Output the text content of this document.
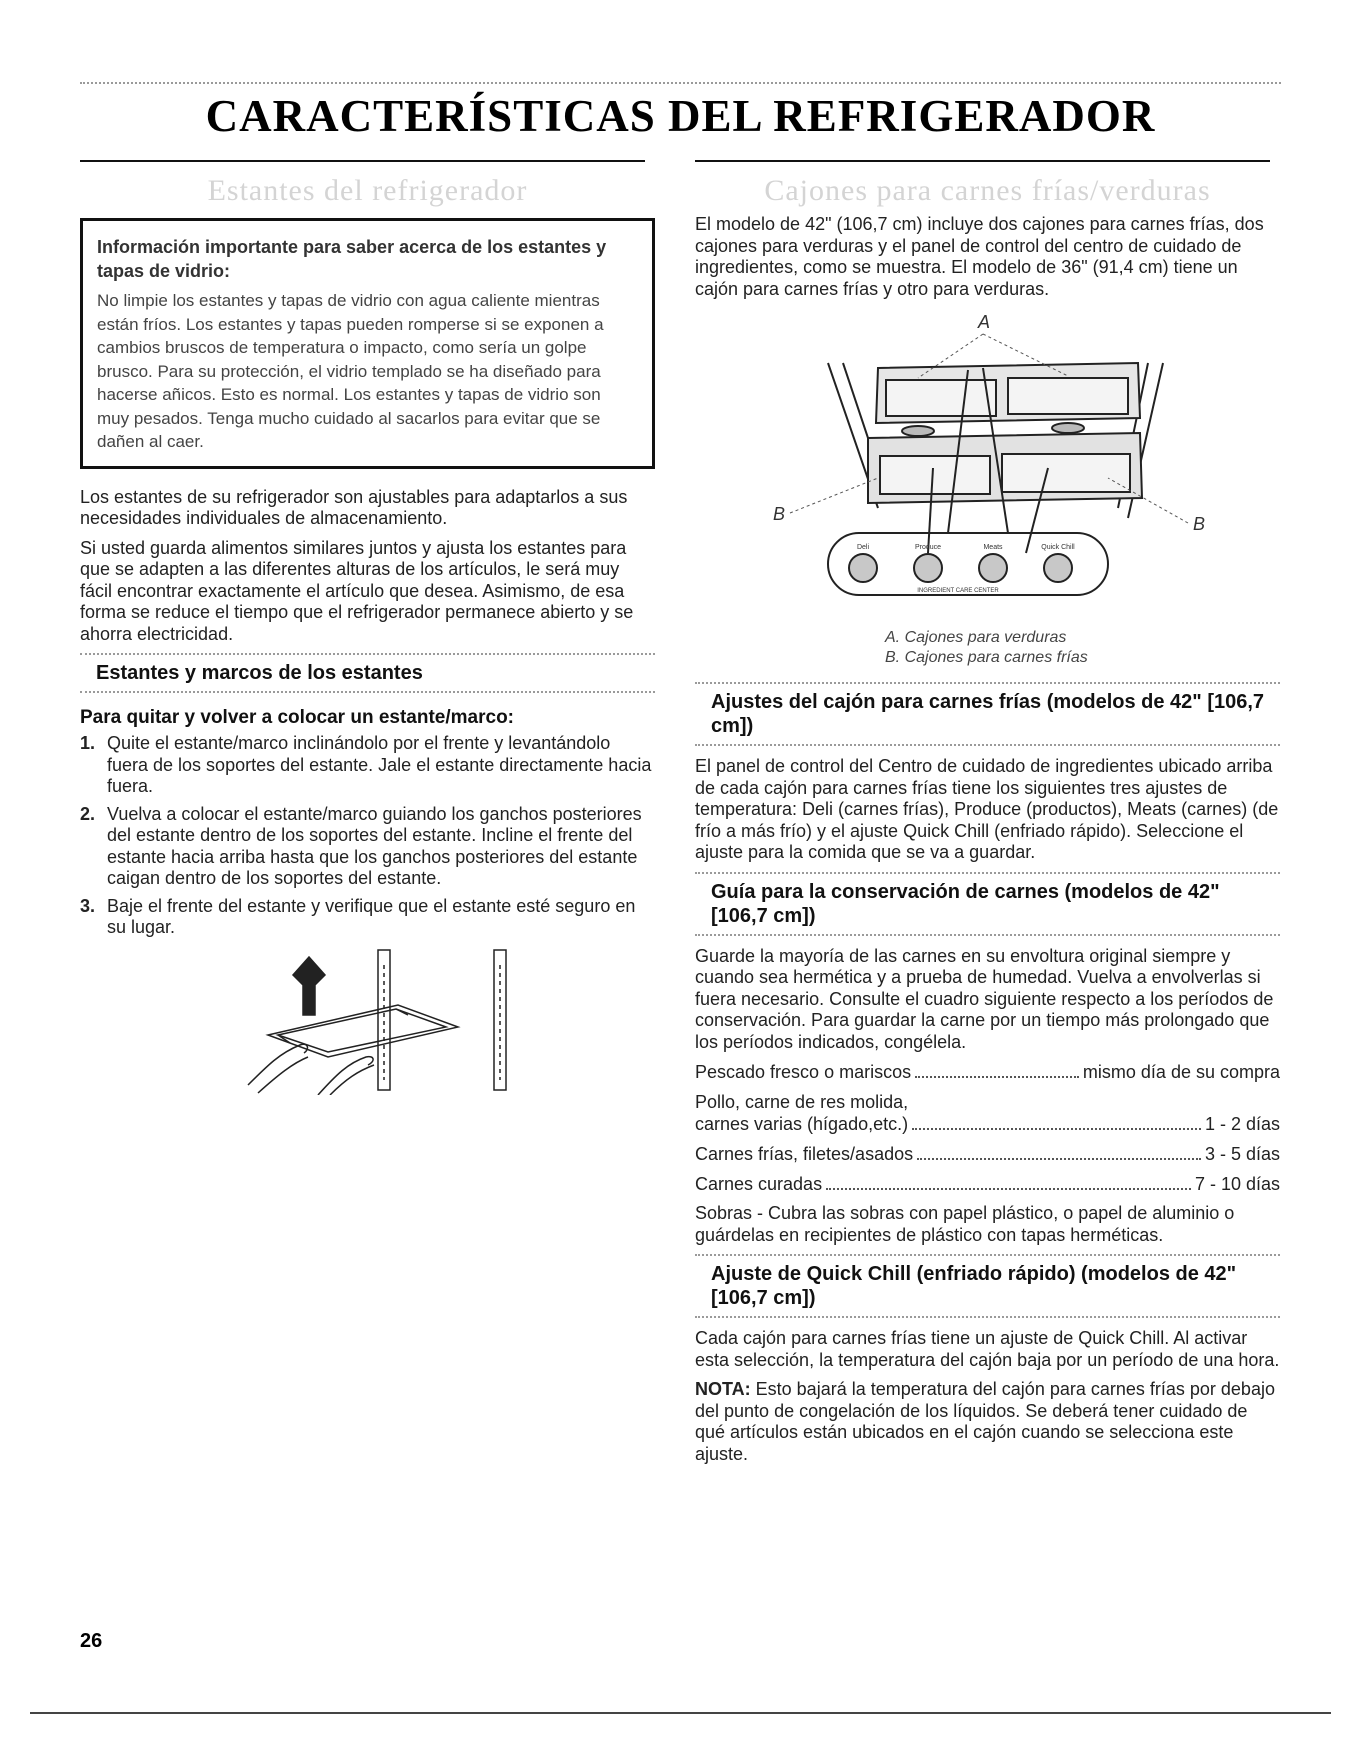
CARACTERÍSTICAS DEL REFRIGERADOR
Estantes del refrigerador
Información importante para saber acerca de los estantes y tapas de vidrio:
No limpie los estantes y tapas de vidrio con agua caliente mientras están fríos. Los estantes y tapas pueden romperse si se exponen a cambios bruscos de temperatura o impacto, como sería un golpe brusco. Para su protección, el vidrio templado se ha diseñado para hacerse añicos. Esto es normal. Los estantes y tapas de vidrio son muy pesados. Tenga mucho cuidado al sacarlos para evitar que se dañen al caer.

Los estantes de su refrigerador son ajustables para adaptarlos a sus necesidades individuales de almacenamiento.

Si usted guarda alimentos similares juntos y ajusta los estantes para que se adapten a las diferentes alturas de los artículos, le será muy fácil encontrar exactamente el artículo que desea. Asimismo, de esa forma se reduce el tiempo que el refrigerador permanece abierto y se ahorra electricidad.

Estantes y marcos de los estantes
Para quitar y volver a colocar un estante/marco:
1. Quite el estante/marco inclinándolo por el frente y levantándolo fuera de los soportes del estante. Jale el estante directamente hacia fuera.
2. Vuelva a colocar el estante/marco guiando los ganchos posteriores del estante dentro de los soportes del estante. Incline el frente del estante hacia arriba hasta que los ganchos posteriores del estante caigan dentro de los soportes del estante.
3. Baje el frente del estante y verifique que el estante esté seguro en su lugar.
Cajones para carnes frías/verduras

El modelo de 42" (106,7 cm) incluye dos cajones para carnes frías, dos cajones para verduras y el panel de control del centro de cuidado de ingredientes, como se muestra. El modelo de 36" (91,4 cm) tiene un cajón para carnes frías y otro para verduras.

A
B	B
Deli	Produce	Meats	Quick Chill
INGREDIENT CARE CENTER
A. Cajones para verduras
B. Cajones para carnes frías
Ajustes del cajón para carnes frías (modelos de 42" [106,7 cm])

El panel de control del Centro de cuidado de ingredientes ubicado arriba de cada cajón para carnes frías tiene los siguientes tres ajustes de temperatura: Deli (carnes frías), Produce (productos), Meats (carnes) (de frío a más frío) y el ajuste Quick Chill (enfriado rápido). Seleccione el ajuste para la comida que se va a guardar.

Guía para la conservación de carnes (modelos de 42" [106,7 cm])

Guarde la mayoría de las carnes en su envoltura original siempre y cuando sea hermética y a prueba de humedad. Vuelva a envolverlas si fuera necesario. Consulte el cuadro siguiente respecto a los períodos de conservación. Para guardar la carne por un tiempo más prolongado que los períodos indicados, congélela.

Pescado fresco o mariscos	mismo día de su compra
Pollo, carne de res molida,
carnes varias (hígado,etc.)	1 - 2 días
Carnes frías, filetes/asados	3 - 5 días
Carnes curadas	7 - 10 días

Sobras - Cubra las sobras con papel plástico, o papel de aluminio o guárdelas en recipientes de plástico con tapas herméticas.

Ajuste de Quick Chill (enfriado rápido) (modelos de 42" [106,7 cm])

Cada cajón para carnes frías tiene un ajuste de Quick Chill. Al activar esta selección, la temperatura del cajón baja por un período de una hora.

NOTA: Esto bajará la temperatura del cajón para carnes frías por debajo del punto de congelación de los líquidos. Se deberá tener cuidado de qué artículos están ubicados en el cajón cuando se selecciona este ajuste.

26
